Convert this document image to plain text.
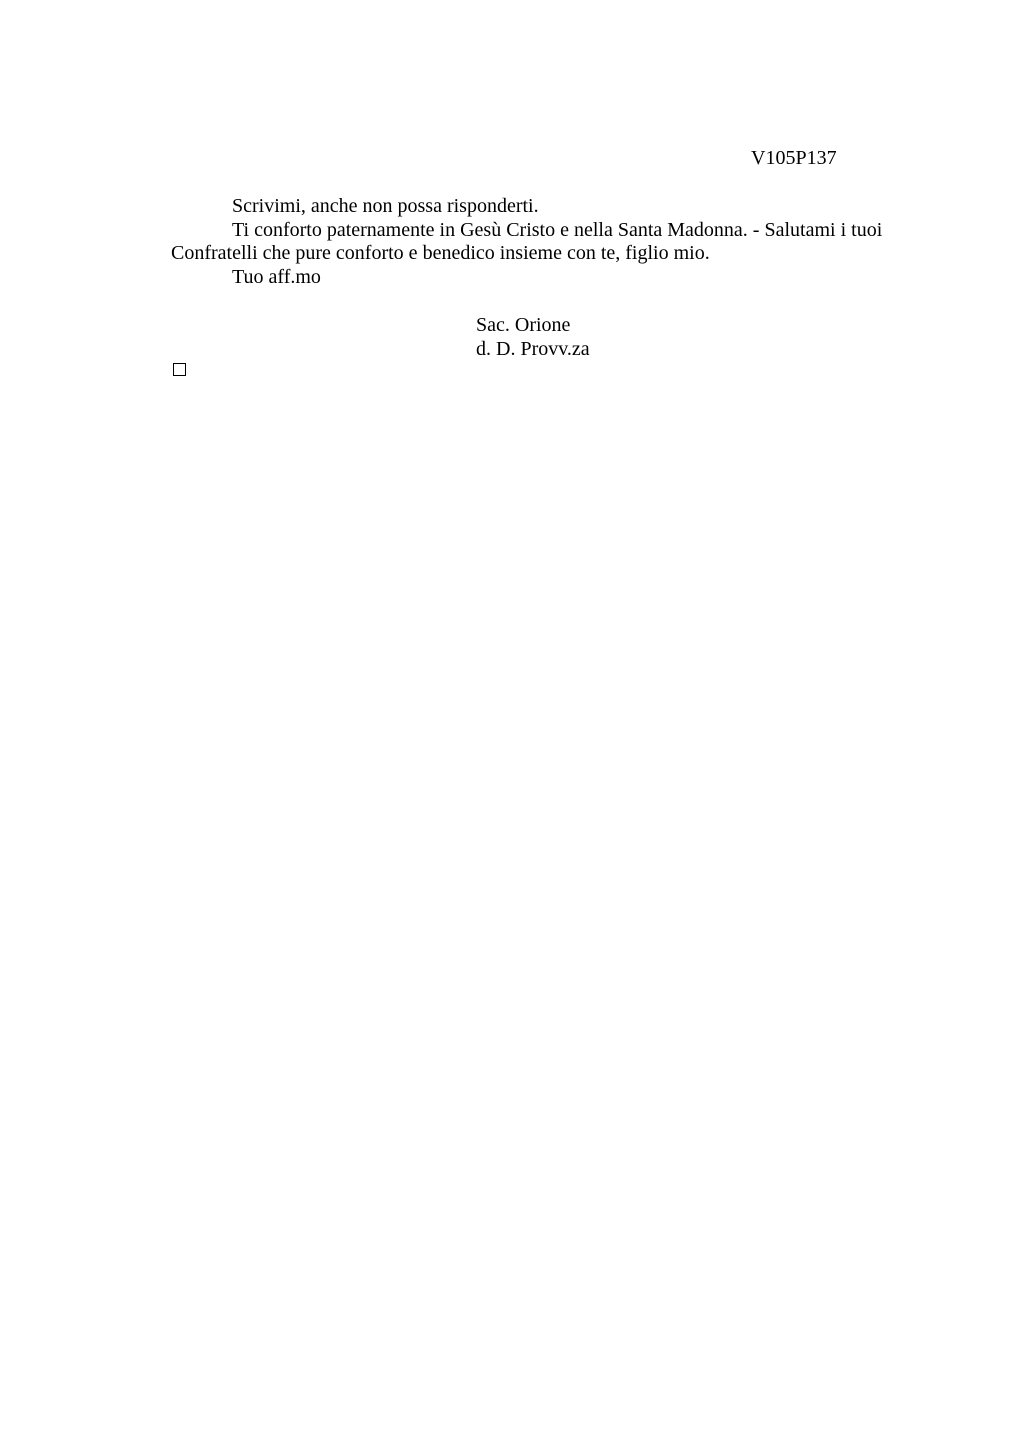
V105P137

Scrivimi, anche non possa risponderti.

Ti conforto paternamente in Gesù Cristo e nella Santa Madonna. - Salutami i tuoi
Confratelli che pure conforto e benedico insieme con te, figlio mio.

Tuo aff.mo

Sac. Orione
d. D. Provv.za
